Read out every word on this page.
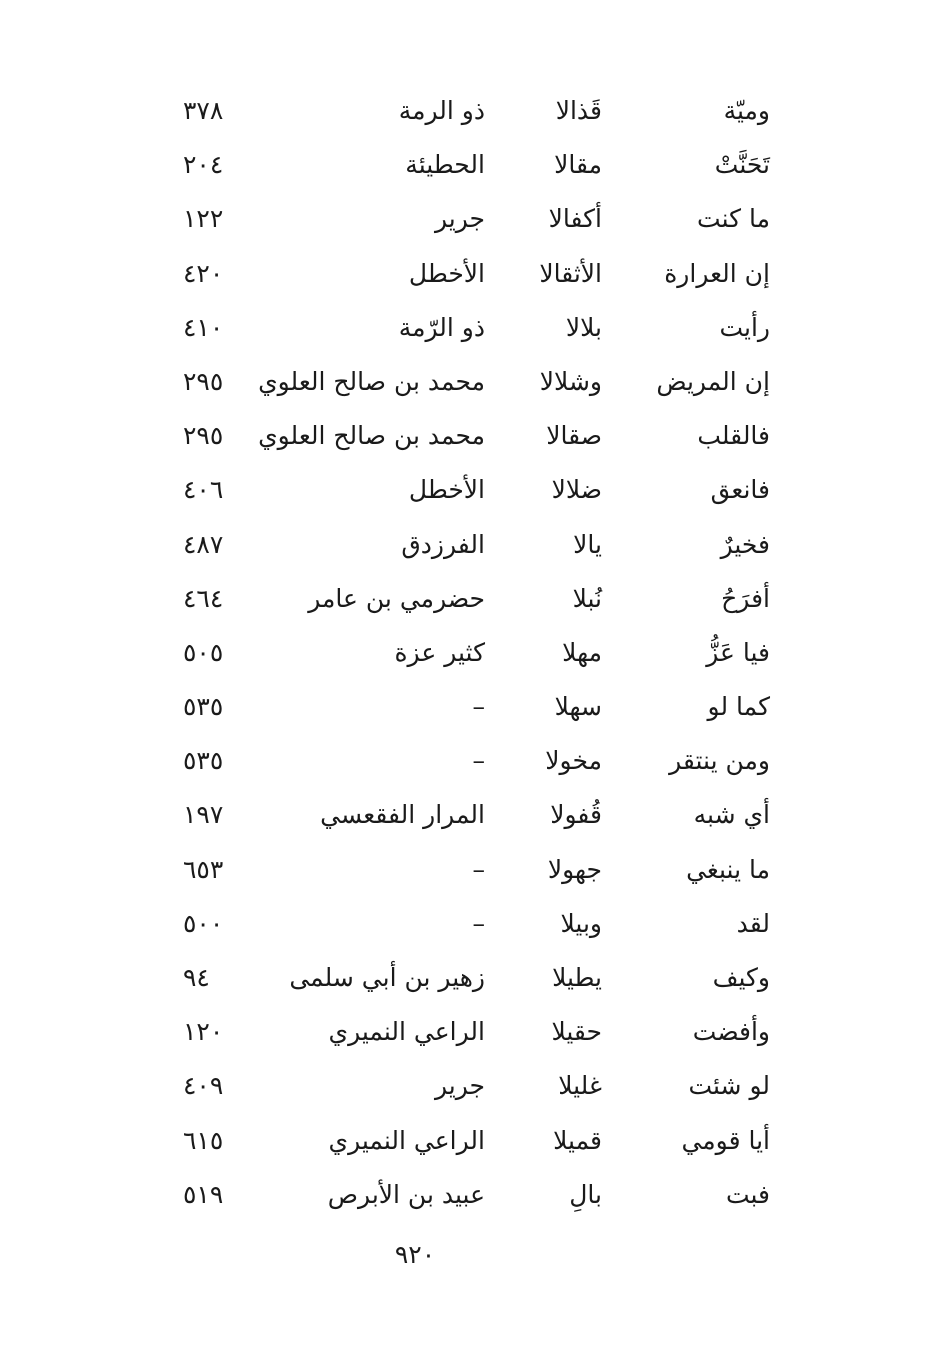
وميّة
قَذالا
ذو الرمة
٣٧٨
تَحَنَّتْ
مقالا
الحطيئة
٢٠٤
ما كنت
أكفالا
جرير
١٢٢
إن العرارة
الأثقالا
الأخطل
٤٢٠
رأيت
بلالا
ذو الرّمة
٤١٠
إن المريض
وشلالا
محمد بن صالح العلوي
٢٩٥
فالقلب
صقالا
محمد بن صالح العلوي
٢٩٥
فانعق
ضلالا
الأخطل
٤٠٦
فخيرٌ
يالا
الفرزدق
٤٨٧
أفرَحُ
نُبلا
حضرمي بن عامر
٤٦٤
فيا عَزُّ
مهلا
كثير عزة
٥٠٥
كما لو
سهلا
–
٥٣٥
ومن ينتقر
مخولا
–
٥٣٥
أي شبه
قُفولا
المرار الفقعسي
١٩٧
ما ينبغي
جهولا
–
٦٥٣
لقد
وبيلا
–
٥٠٠
وكيف
يطيلا
زهير بن أبي سلمى
٩٤
وأفضت
حقيلا
الراعي النميري
١٢٠
لو شئت
غليلا
جرير
٤٠٩
أيا قومي
قميلا
الراعي النميري
٦١٥
فبت
بالِ
عبيد بن الأبرص
٥١٩
٩٢٠
